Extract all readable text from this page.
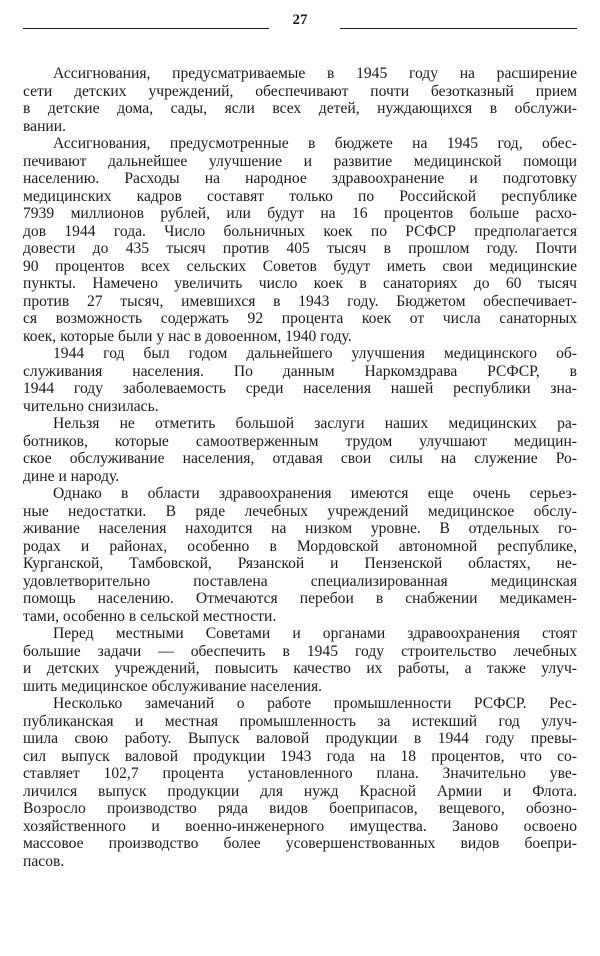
27
Ассигнования, предусматриваемые в 1945 году на расширение
сети детских учреждений, обеспечивают почти безотказный прием
в детские дома, сады, ясли всех детей, нуждающихся в обслужи-
вании.
Ассигнования, предусмотренные в бюджете на 1945 год, обес-
печивают дальнейшее улучшение и развитие медицинской помощи
населению. Расходы на народное здравоохранение и подготовку
медицинских кадров составят только по Российской республике
7939 миллионов рублей, или будут на 16 процентов больше расхо-
дов 1944 года. Число больничных коек по РСФСР предполагается
довести до 435 тысяч против 405 тысяч в прошлом году. Почти
90 процентов всех сельских Советов будут иметь свои медицинские
пункты. Намечено увеличить число коек в санаториях до 60 тысяч
против 27 тысяч, имевшихся в 1943 году. Бюджетом обеспечивает-
ся возможность содержать 92 процента коек от числа санаторных
коек, которые были у нас в довоенном, 1940 году.
1944 год был годом дальнейшего улучшения медицинского об-
служивания населения. По данным Наркомздрава РСФСР, в
1944 году заболеваемость среди населения нашей республики зна-
чительно снизилась.
Нельзя не отметить большой заслуги наших медицинских ра-
ботников, которые самоотверженным трудом улучшают медицин-
ское обслуживание населения, отдавая свои силы на служение Ро-
дине и народу.
Однако в области здравоохранения имеются еще очень серьез-
ные недостатки. В ряде лечебных учреждений медицинское обслу-
живание населения находится на низком уровне. В отдельных го-
родах и районах, особенно в Мордовской автономной республике,
Курганской, Тамбовской, Рязанской и Пензенской областях, не-
удовлетворительно поставлена специализированная медицинская
помощь населению. Отмечаются перебои в снабжении медикамен-
тами, особенно в сельской местности.
Перед местными Советами и органами здравоохранения стоят
большие задачи — обеспечить в 1945 году строительство лечебных
и детских учреждений, повысить качество их работы, а также улуч-
шить медицинское обслуживание населения.
Несколько замечаний о работе промышленности РСФСР. Рес-
публиканская и местная промышленность за истекший год улуч-
шила свою работу. Выпуск валовой продукции в 1944 году превы-
сил выпуск валовой продукции 1943 года на 18 процентов, что со-
ставляет 102,7 процента установленного плана. Значительно уве-
личился выпуск продукции для нужд Красной Армии и Флота.
Возросло производство ряда видов боеприпасов, вещевого, обозно-
хозяйственного и военно-инженерного имущества. Заново освоено
массовое производство более усовершенствованных видов боепри-
пасов.
